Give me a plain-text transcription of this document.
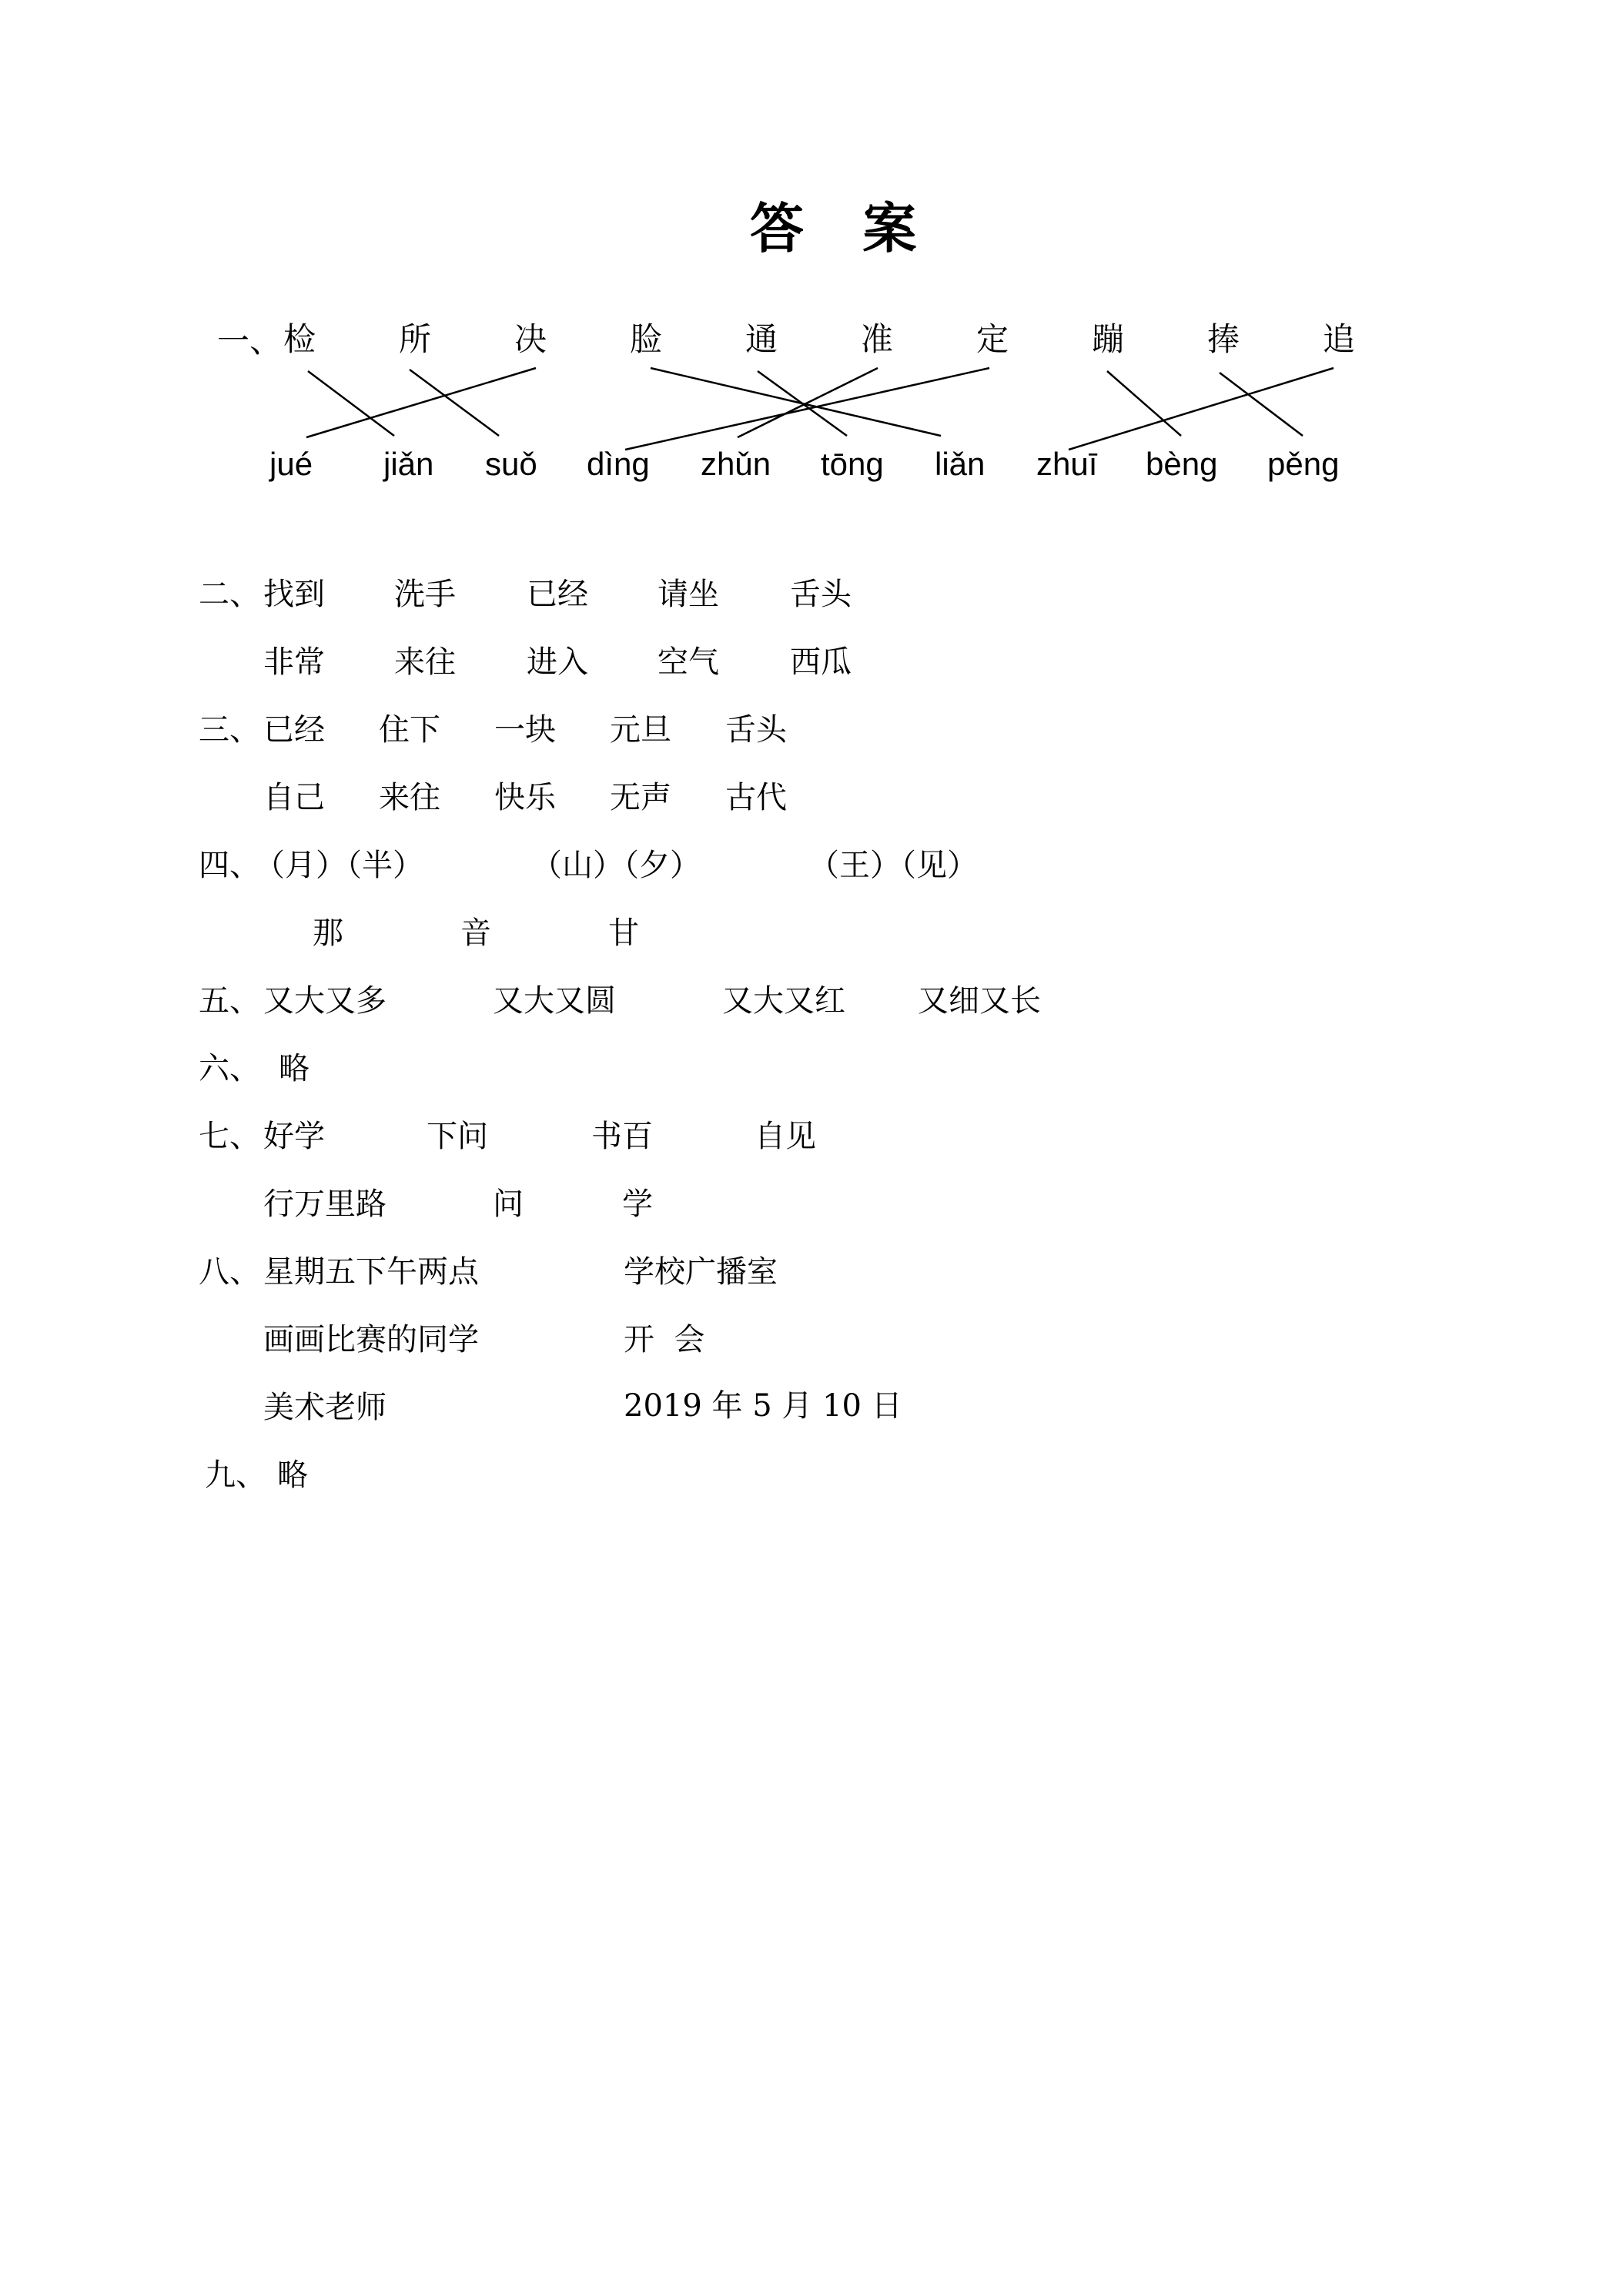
答 案
一、 检	所	决	脸	通	准	定	蹦	捧	追
jué jiǎn suǒ dìng zhǔn tōng liǎn zhuī bèng pěng
二、 找到 洗手 已经 请坐 舌头
非常 来往 进入 空气 西瓜
三、 已经 住下 一块 元旦 舌头
自己 来往 快乐 无声 古代
四、
（月）（半）	（山）（夕）	（王）（见）
那	音	甘
五、 又大又多	又大又圆	又大又红 又细又长
六、 略
七、 好学	下问	书百	自见
行万里路	问	学
八、 星期五下午两点	学校广播室
画画比赛的同学	开  会
美术老师	2019 年 5 月 10 日
九、 略
